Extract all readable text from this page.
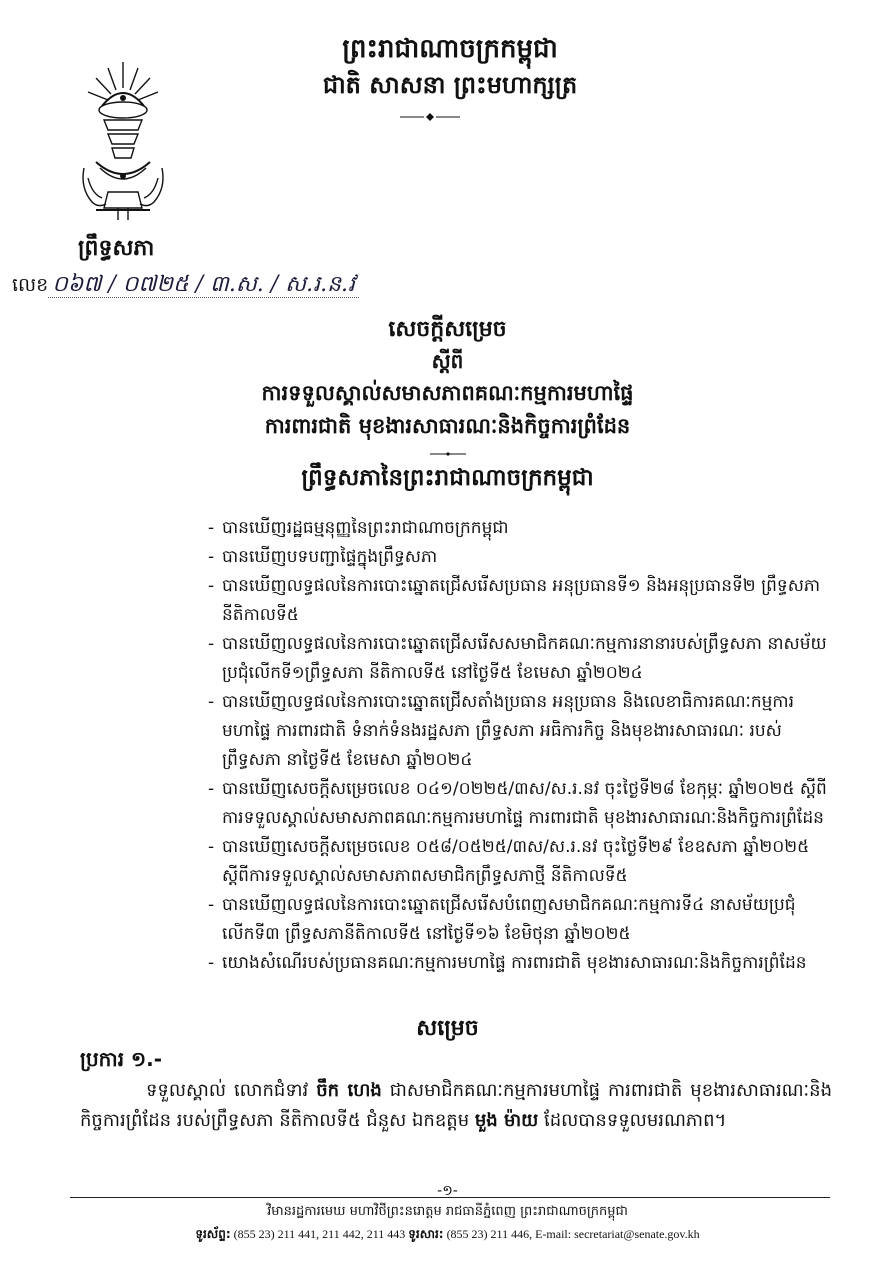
ព្រះរាជាណាចក្រកម្ពុជា
ជាតិ សាសនា ព្រះមហាក្សត្រ
ព្រឹទ្ធសភា
លេខ ០៦៧ / ០៧២៥ / ៣.ស. / ស.រ.ន.វ
សេចក្ដីសម្រេច
ស្ដីពី
ការទទួលស្គាល់សមាសភាពគណៈកម្មការមហាផ្ទៃ
ការពារជាតិ មុខងារសាធារណៈនិងកិច្ចការព្រំដែន
ព្រឹទ្ធសភានៃព្រះរាជាណាចក្រកម្ពុជា
- បានឃើញរដ្ឋធម្មនុញ្ញនៃព្រះរាជាណាចក្រកម្ពុជា
- បានឃើញបទបញ្ជាផ្ទៃក្នុងព្រឹទ្ធសភា
- បានឃើញលទ្ធផលនៃការបោះឆ្នោតជ្រើសរើសប្រធាន អនុប្រធានទី១ និងអនុប្រធានទី២ ព្រឹទ្ធសភា នីតិកាលទី៥
- បានឃើញលទ្ធផលនៃការបោះឆ្នោតជ្រើសរើសសមាជិកគណៈកម្មការនានារបស់ព្រឹទ្ធសភា នាសម័យប្រជុំលើកទី១ព្រឹទ្ធសភា នីតិកាលទី៥ នៅថ្ងៃទី៥ ខែមេសា ឆ្នាំ២០២៤
- បានឃើញលទ្ធផលនៃការបោះឆ្នោតជ្រើសតាំងប្រធាន អនុប្រធាន និងលេខាធិការគណៈកម្មការមហាផ្ទៃ ការពារជាតិ ទំនាក់ទំនងរដ្ឋសភា ព្រឹទ្ធសភា អធិការកិច្ច និងមុខងារសាធារណៈ របស់ព្រឹទ្ធសភា នាថ្ងៃទី៥ ខែមេសា ឆ្នាំ២០២៤
- បានឃើញសេចក្ដីសម្រេចលេខ ០៤១/០២២៥/៣ស/ស.រ.នវ ចុះថ្ងៃទី២៨ ខែកុម្ភៈ ឆ្នាំ២០២៥ ស្ដីពីការទទួលស្គាល់សមាសភាពគណៈកម្មការមហាផ្ទៃ ការពារជាតិ មុខងារសាធារណៈនិងកិច្ចការព្រំដែន
- បានឃើញសេចក្ដីសម្រេចលេខ ០៥៨/០៥២៥/៣ស/ស.រ.នវ ចុះថ្ងៃទី២៩ ខែឧសភា ឆ្នាំ២០២៥ ស្ដីពីការទទួលស្គាល់សមាសភាពសមាជិកព្រឹទ្ធសភាថ្មី នីតិកាលទី៥
- បានឃើញលទ្ធផលនៃការបោះឆ្នោតជ្រើសរើសបំពេញសមាជិកគណៈកម្មការទី៤ នាសម័យប្រជុំលើកទី៣ ព្រឹទ្ធសភានីតិកាលទី៥ នៅថ្ងៃទី១៦ ខែមិថុនា ឆ្នាំ២០២៥
- យោងសំណើរបស់ប្រធានគណៈកម្មការមហាផ្ទៃ ការពារជាតិ មុខងារសាធារណៈនិងកិច្ចការព្រំដែន
សម្រេច
ប្រការ ១.-

ទទួលស្គាល់ លោកជំទាវ ចឹក ហេង ជាសមាជិកគណៈកម្មការមហាផ្ទៃ ការពារជាតិ មុខងារសាធារណៈនិងកិច្ចការព្រំដែន របស់ព្រឹទ្ធសភា នីតិកាលទី៥ ជំនួស ឯកឧត្តម មួង ម៉ាយ ដែលបានទទួលមរណភាព។

-១-
វិមានរដ្ឋការមេឃ មហាវិថីព្រះនរោត្តម រាជធានីភ្នំពេញ ព្រះរាជាណាចក្រកម្ពុជា
ទូរស័ព្ទ: (855 23) 211 441, 211 442, 211 443 ទូរសារ: (855 23) 211 446, E-mail: secretariat@senate.gov.kh
